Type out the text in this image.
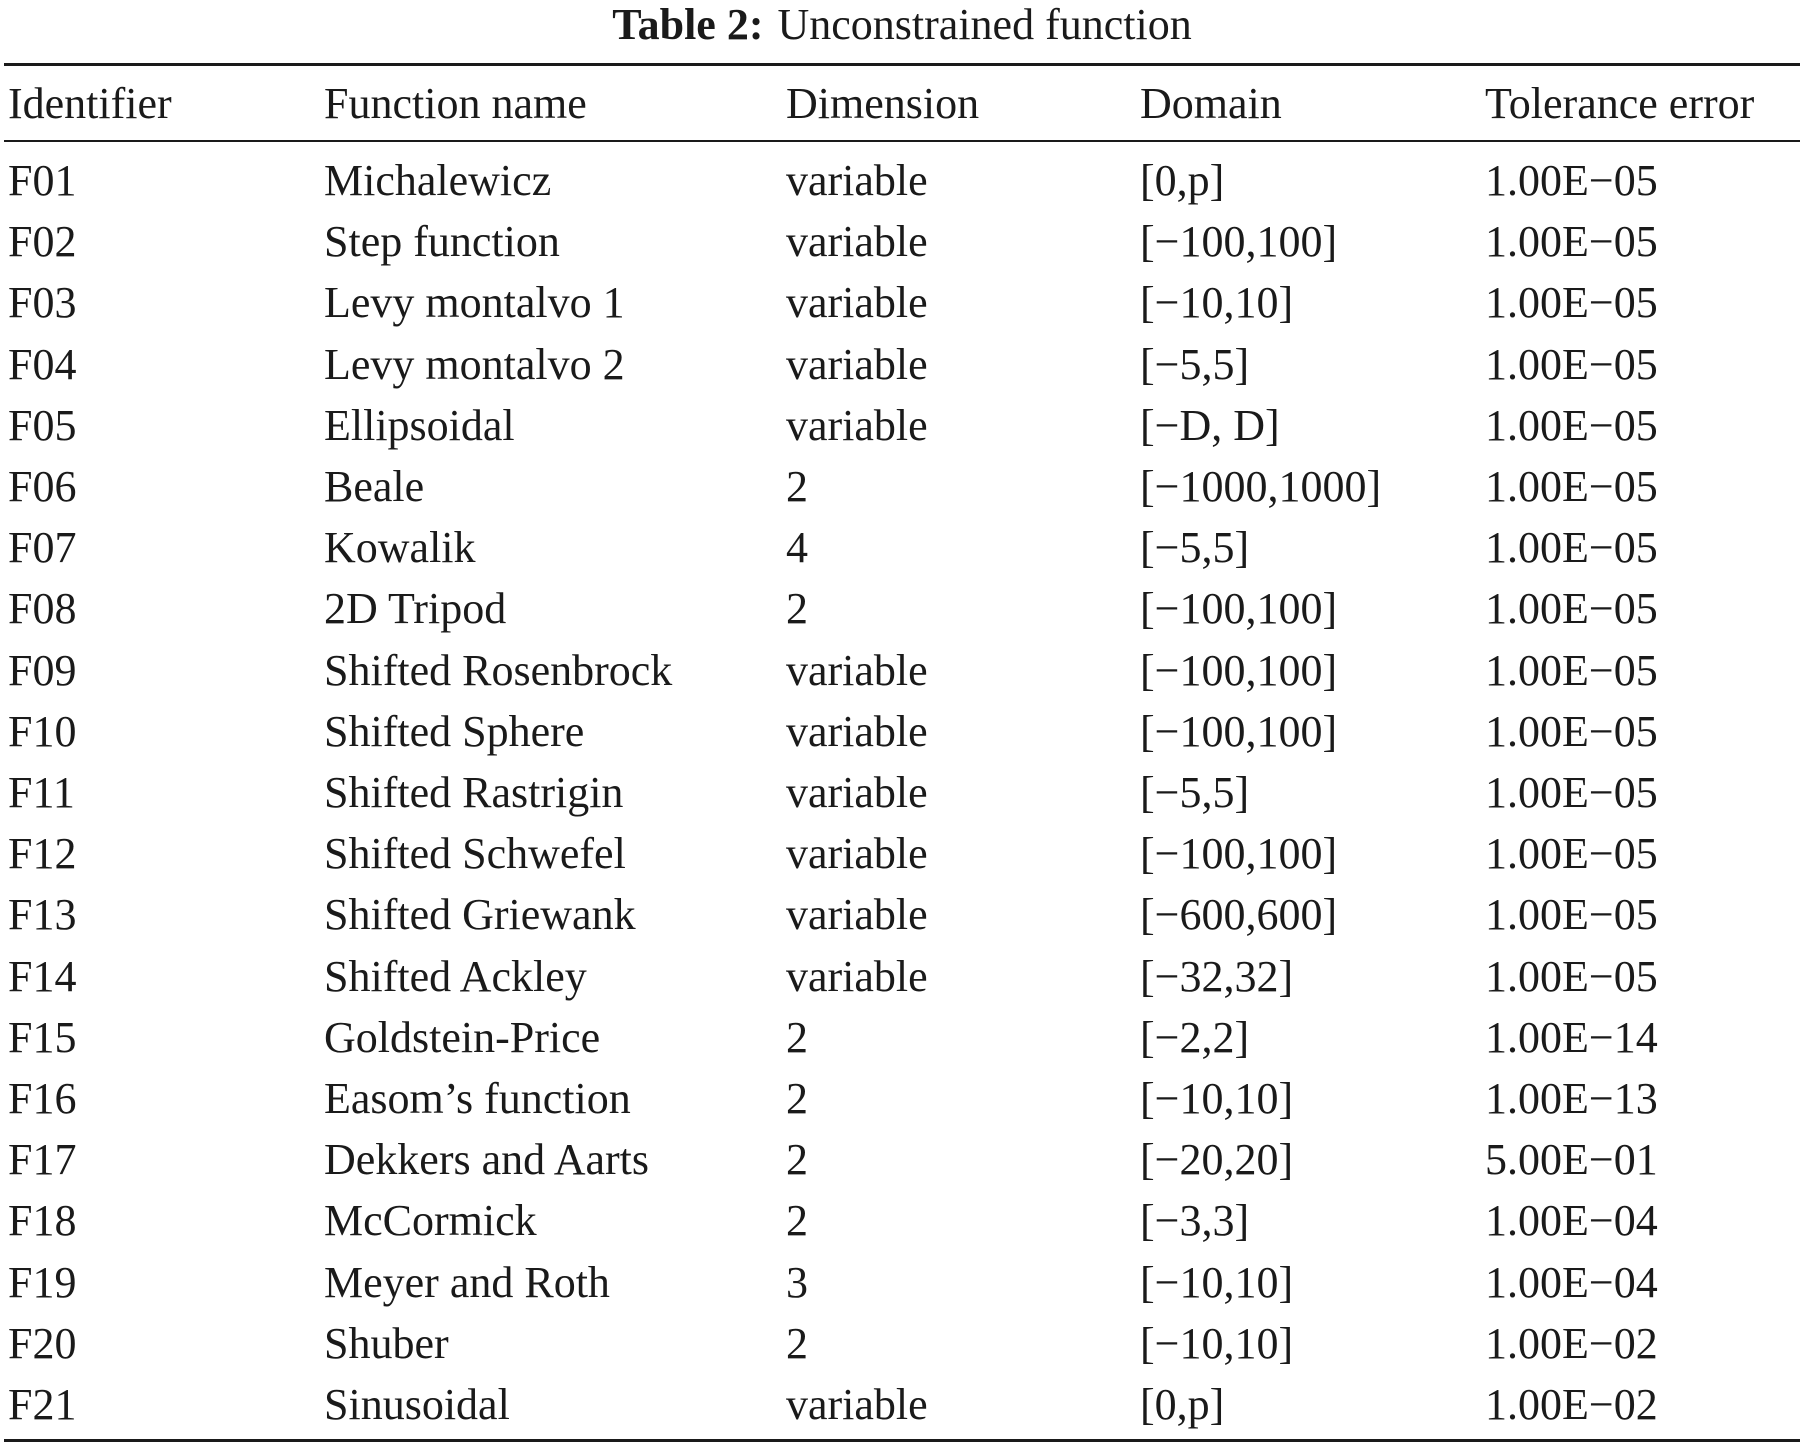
Table 2: Unconstrained function
Identifier	Function name	Dimension	Domain	Tolerance error
F01	Michalewicz	variable	[0,p]	1.00E−05
F02	Step function	variable	[−100,100]	1.00E−05
F03	Levy montalvo 1	variable	[−10,10]	1.00E−05
F04	Levy montalvo 2	variable	[−5,5]	1.00E−05
F05	Ellipsoidal	variable	[−D, D]	1.00E−05
F06	Beale	2	[−1000,1000]	1.00E−05
F07	Kowalik	4	[−5,5]	1.00E−05
F08	2D Tripod	2	[−100,100]	1.00E−05
F09	Shifted Rosenbrock	variable	[−100,100]	1.00E−05
F10	Shifted Sphere	variable	[−100,100]	1.00E−05
F11	Shifted Rastrigin	variable	[−5,5]	1.00E−05
F12	Shifted Schwefel	variable	[−100,100]	1.00E−05
F13	Shifted Griewank	variable	[−600,600]	1.00E−05
F14	Shifted Ackley	variable	[−32,32]	1.00E−05
F15	Goldstein-Price	2	[−2,2]	1.00E−14
F16	Easom’s function	2	[−10,10]	1.00E−13
F17	Dekkers and Aarts	2	[−20,20]	5.00E−01
F18	McCormick	2	[−3,3]	1.00E−04
F19	Meyer and Roth	3	[−10,10]	1.00E−04
F20	Shuber	2	[−10,10]	1.00E−02
F21	Sinusoidal	variable	[0,p]	1.00E−02
